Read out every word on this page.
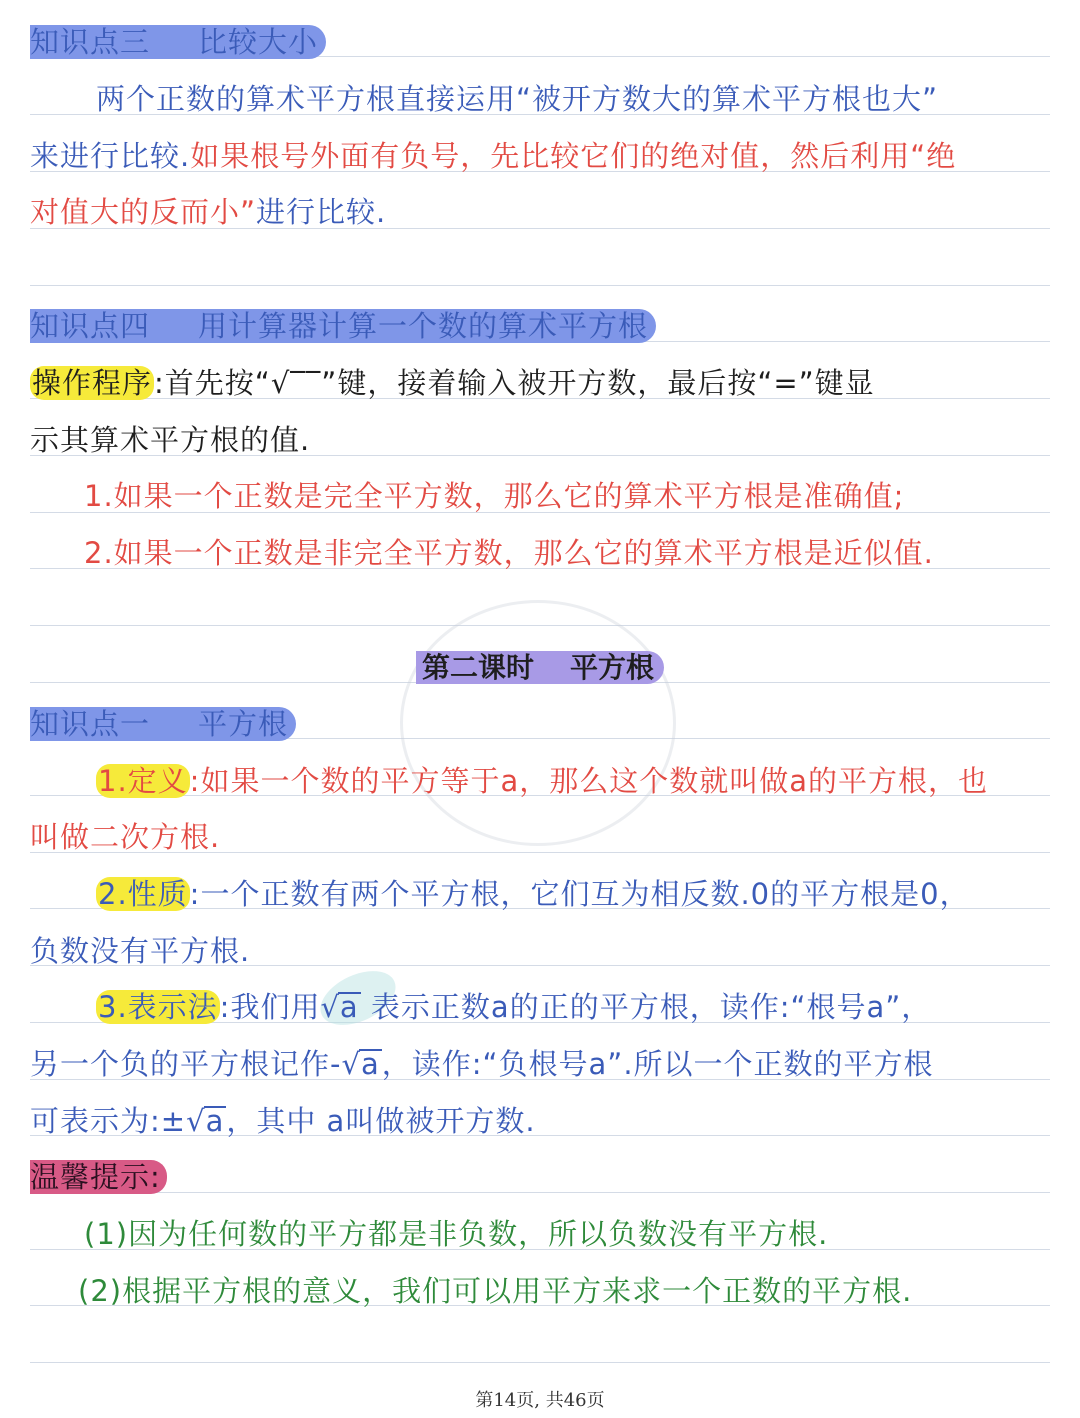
知识点三 比较大小
两个正数的算术平方根直接运用“被开方数大的算术平方根也大”
来进行比较.如果根号外面有负号，先比较它们的绝对值，然后利用“绝
对值大的反而小”进行比较.
知识点四 用计算器计算一个数的算术平方根
操作程序:首先按“√‾‾”键，接着输入被开方数，最后按“=”键显
示其算术平方根的值.
1.如果一个正数是完全平方数，那么它的算术平方根是准确值;
2.如果一个正数是非完全平方数，那么它的算术平方根是近似值.
第二课时 平方根
知识点一 平方根
1.定义:如果一个数的平方等于a，那么这个数就叫做a的平方根，也
叫做二次方根.
2.性质:一个正数有两个平方根，它们互为相反数.0的平方根是0，
负数没有平方根.
3.表示法:我们用√a 表示正数a的正的平方根，读作:“根号a”，
另一个负的平方根记作-√a，读作:“负根号a”.所以一个正数的平方根
可表示为:±√a，其中 a叫做被开方数.
温馨提示:
(1)因为任何数的平方都是非负数，所以负数没有平方根.
(2)根据平方根的意义，我们可以用平方来求一个正数的平方根.
第14页, 共46页
